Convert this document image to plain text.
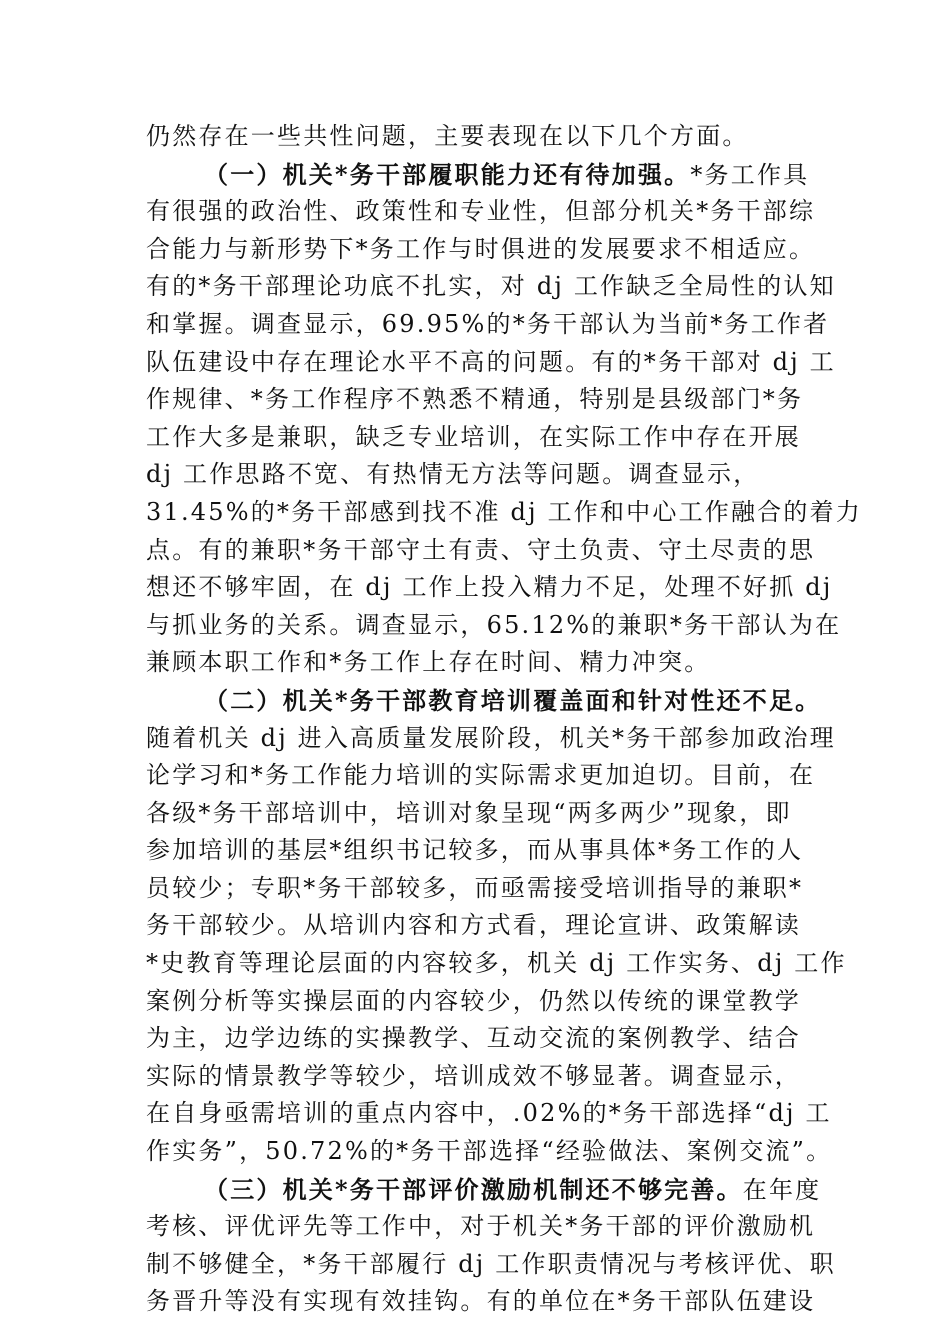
仍然存在一些共性问题，主要表现在以下几个方面。
（一）机关*务干部履职能力还有待加强。*务工作具
有很强的政治性、政策性和专业性，但部分机关*务干部综
合能力与新形势下*务工作与时俱进的发展要求不相适应。
有的*务干部理论功底不扎实，对 dj 工作缺乏全局性的认知
和掌握。调查显示，69.95%的*务干部认为当前*务工作者
队伍建设中存在理论水平不高的问题。有的*务干部对 dj 工
作规律、*务工作程序不熟悉不精通，特别是县级部门*务
工作大多是兼职，缺乏专业培训，在实际工作中存在开展
dj 工作思路不宽、有热情无方法等问题。调查显示，
31.45%的*务干部感到找不准 dj 工作和中心工作融合的着力
点。有的兼职*务干部守土有责、守土负责、守土尽责的思
想还不够牢固，在 dj 工作上投入精力不足，处理不好抓 dj
与抓业务的关系。调查显示，65.12%的兼职*务干部认为在
兼顾本职工作和*务工作上存在时间、精力冲突。
（二）机关*务干部教育培训覆盖面和针对性还不足。
随着机关 dj 进入高质量发展阶段，机关*务干部参加政治理
论学习和*务工作能力培训的实际需求更加迫切。目前，在
各级*务干部培训中，培训对象呈现“两多两少”现象，即
参加培训的基层*组织书记较多，而从事具体*务工作的人
员较少；专职*务干部较多，而亟需接受培训指导的兼职*
务干部较少。从培训内容和方式看，理论宣讲、政策解读
*史教育等理论层面的内容较多，机关 dj 工作实务、dj 工作
案例分析等实操层面的内容较少，仍然以传统的课堂教学
为主，边学边练的实操教学、互动交流的案例教学、结合
实际的情景教学等较少，培训成效不够显著。调查显示，
在自身亟需培训的重点内容中，.02%的*务干部选择“dj 工
作实务”，50.72%的*务干部选择“经验做法、案例交流”。
（三）机关*务干部评价激励机制还不够完善。在年度
考核、评优评先等工作中，对于机关*务干部的评价激励机
制不够健全，*务干部履行 dj 工作职责情况与考核评优、职
务晋升等没有实现有效挂钩。有的单位在*务干部队伍建设
